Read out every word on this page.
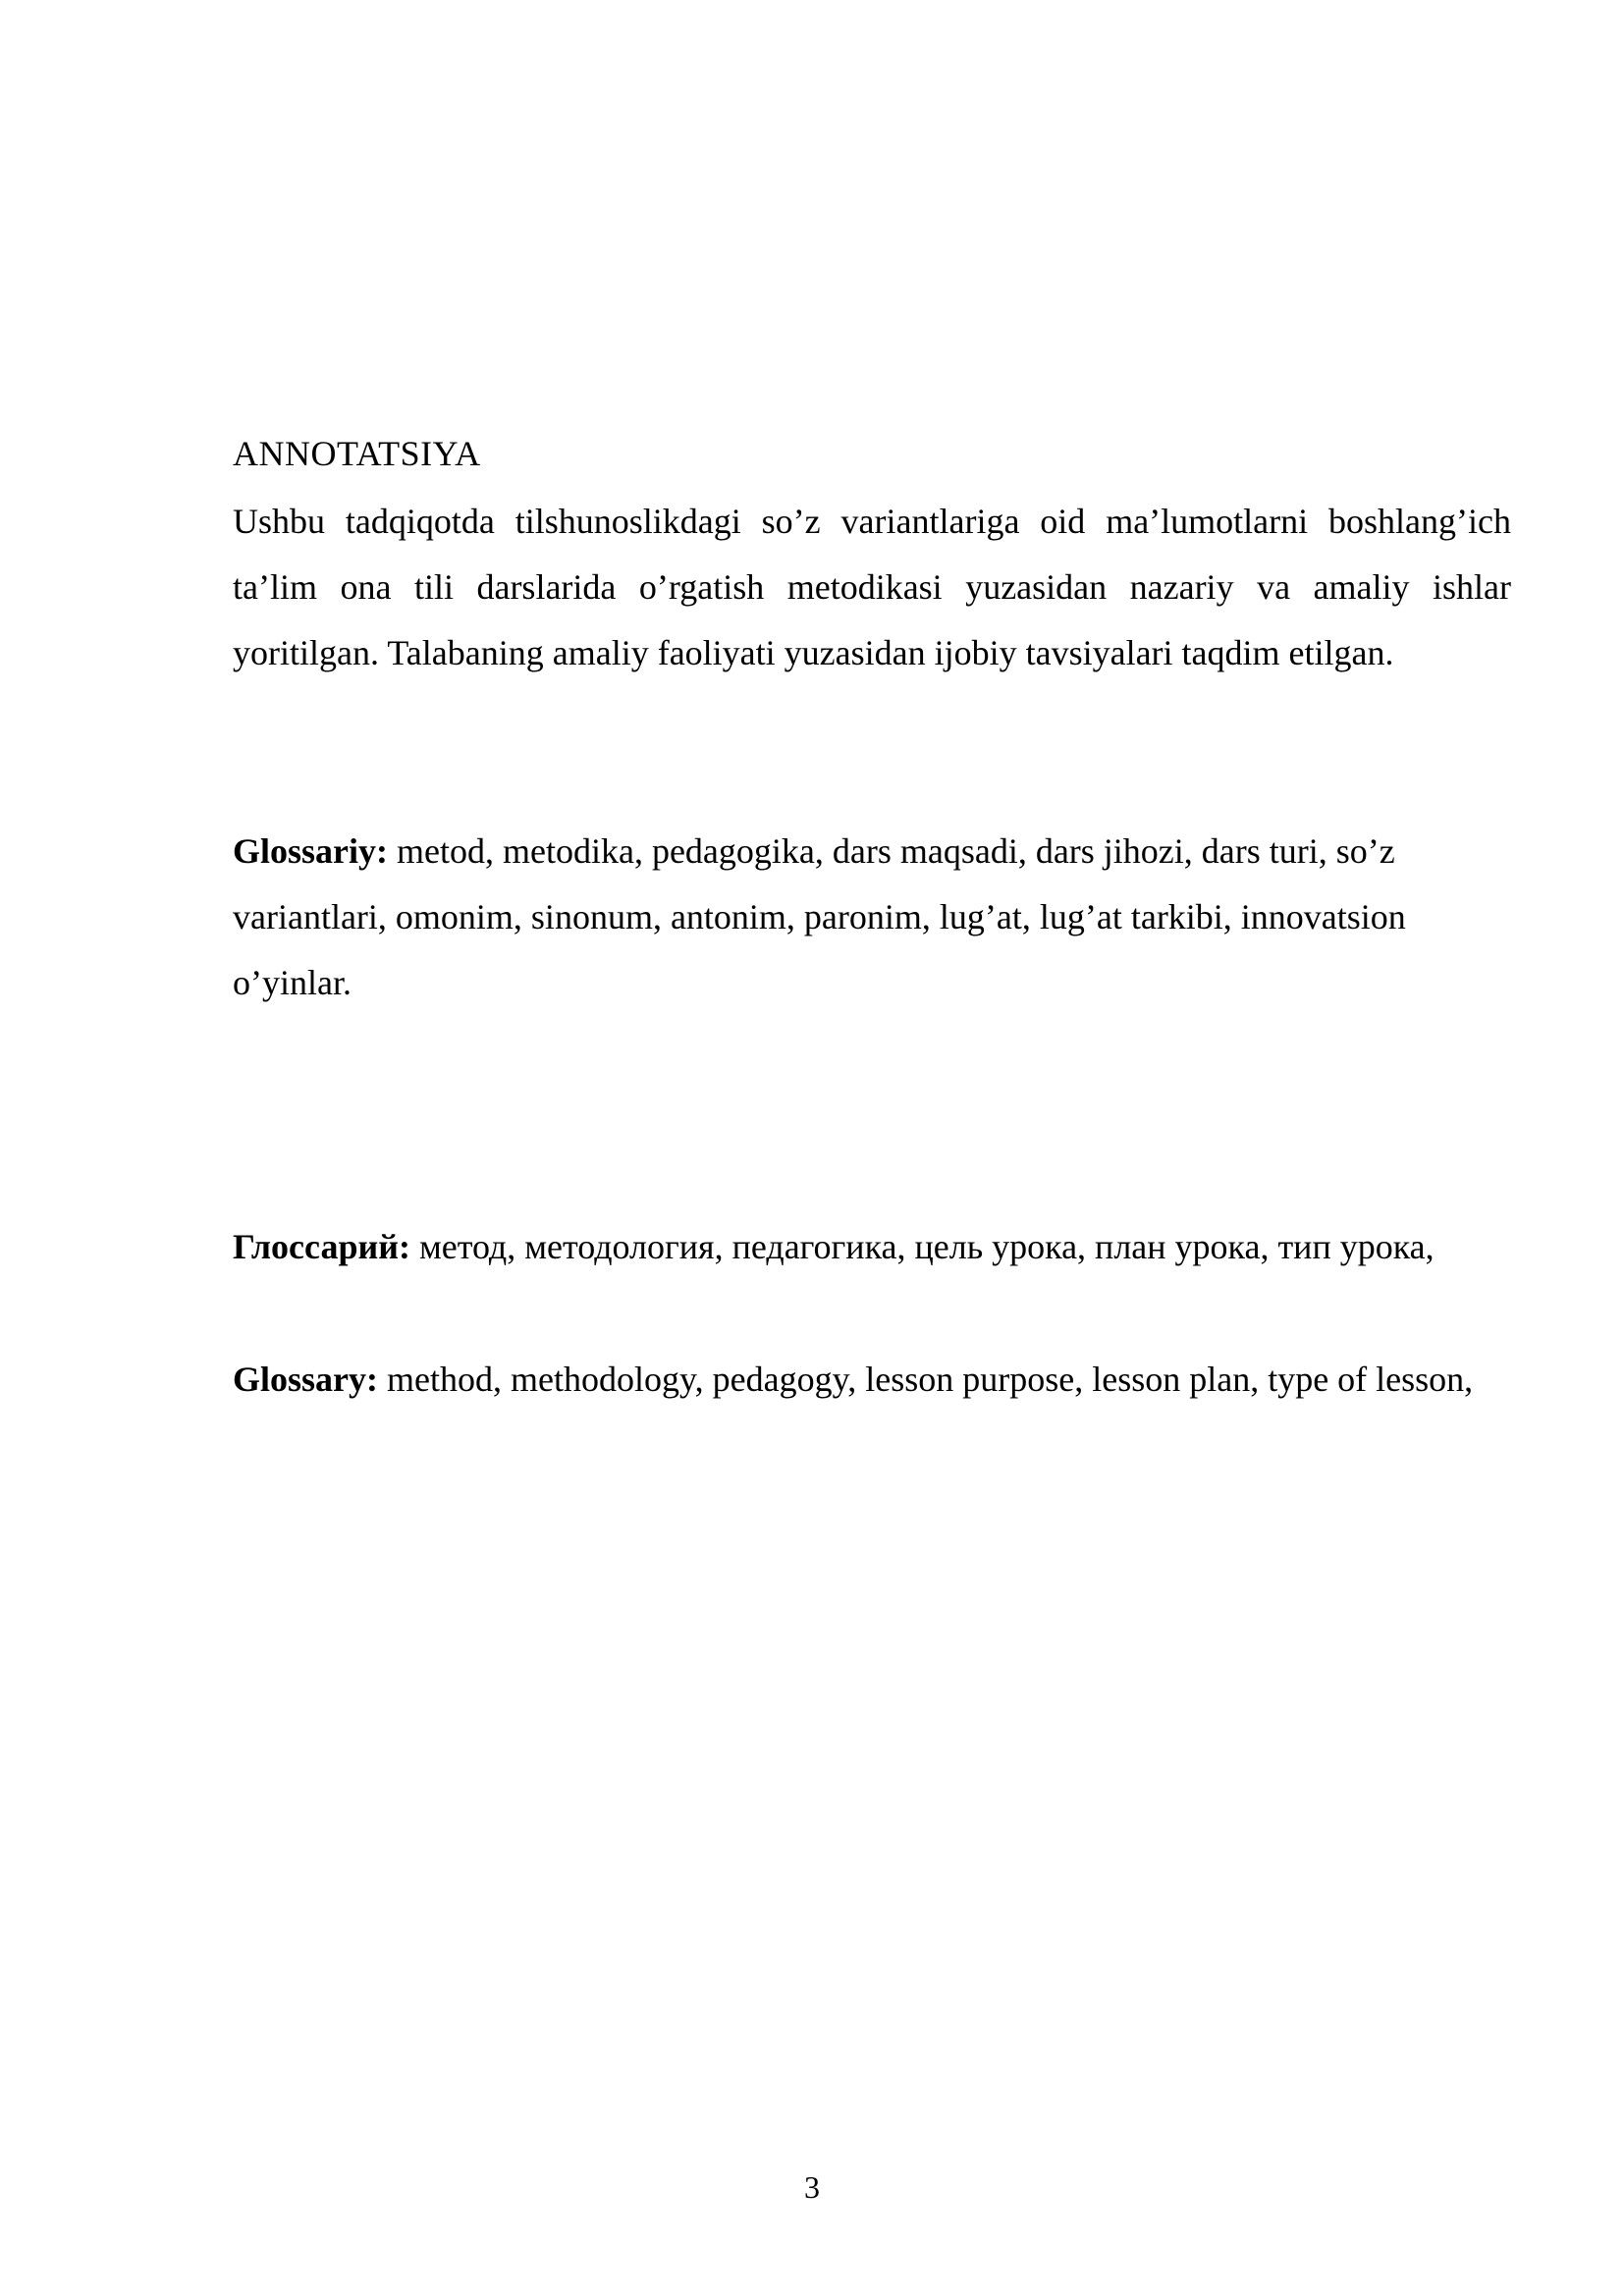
ANNOTATSIYA

Ushbu tadqiqotda tilshunoslikdagi so’z variantlariga oid ma’lumotlarni boshlang’ich ta’lim ona tili darslarida o’rgatish metodikasi yuzasidan nazariy va amaliy ishlar yoritilgan. Talabaning amaliy faoliyati yuzasidan ijobiy tavsiyalari taqdim etilgan.

Glossariy: metod, metodika, pedagogika, dars maqsadi, dars jihozi, dars turi, so’z variantlari, omonim, sinonum, antonim, paronim, lug’at, lug’at tarkibi, innovatsion o’yinlar.

Глоссарий: метод, методология, педагогика, цель урока, план урока, тип урока,

Glossary: method, methodology, pedagogy, lesson purpose, lesson plan, type of lesson,

3
